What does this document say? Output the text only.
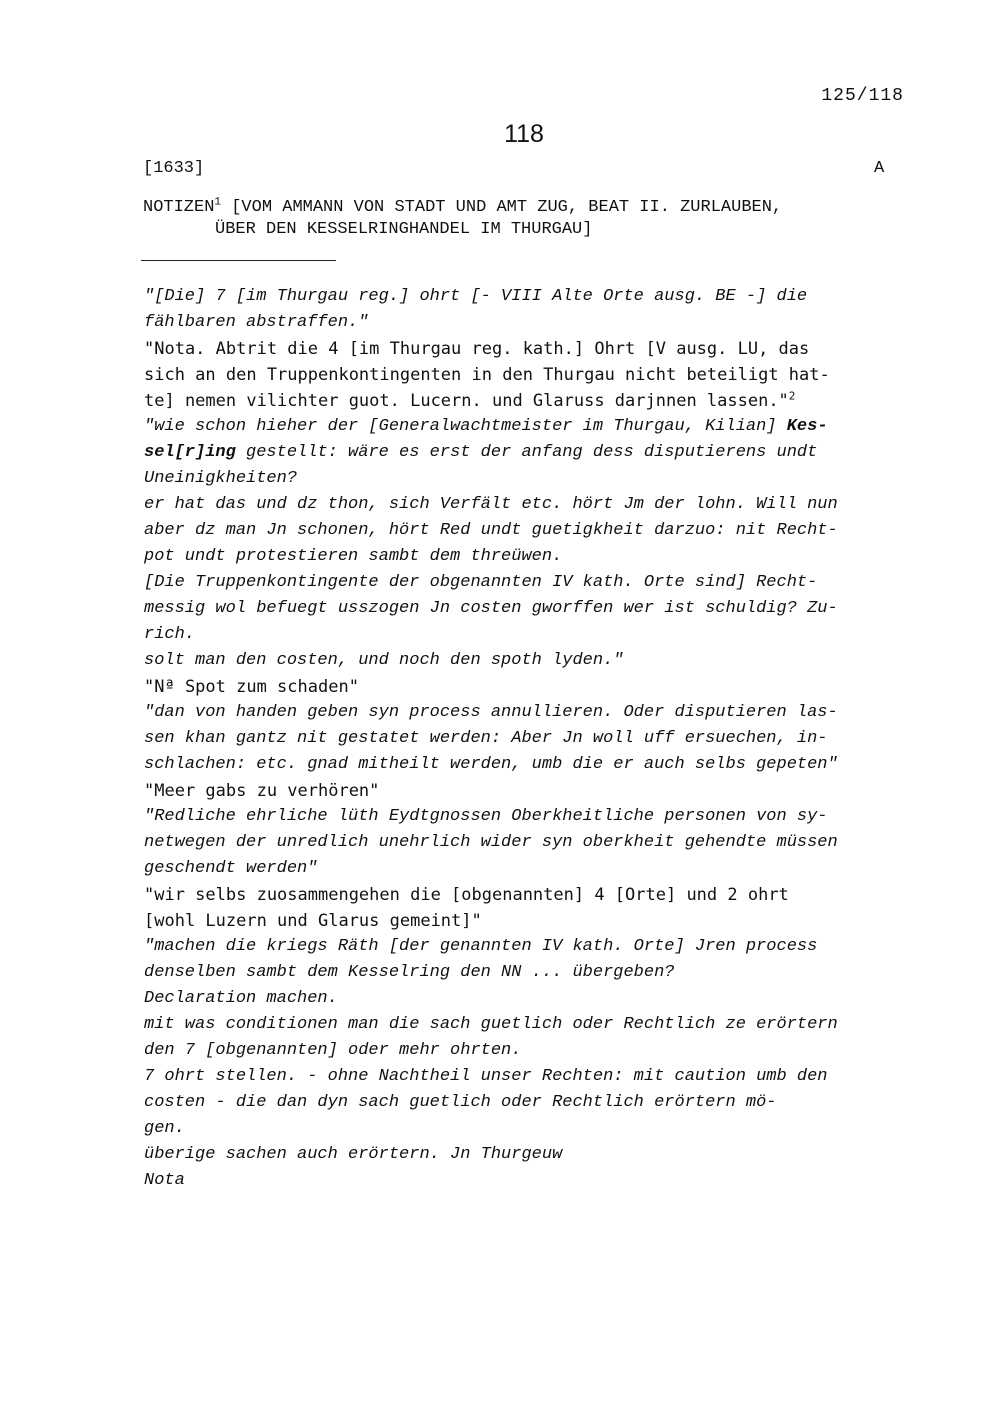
125/118
118
[1633]	A
NOTIZEN$^1$ [VOM AMMANN VON STADT UND AMT ZUG, BEAT II. ZURLAUBEN,
ÜBER DEN KESSELRINGHANDEL IM THURGAU]
"[Die] 7 [im Thurgau reg.] ohrt [- VIII Alte Orte ausg. BE -] die
fählbaren abstraffen."
"Nota. Abtrit die 4 [im Thurgau reg. kath.] Ohrt [V ausg. LU, das
sich an den Truppenkontingenten in den Thurgau nicht beteiligt hat-
te] nemen vilichter guot. Lucern. und Glaruss darjnnen lassen."$^2$
"wie schon hieher der [Generalwachtmeister im Thurgau, Kilian] Kes-
sel[r]ing gestellt: wäre es erst der anfang dess disputierens undt
Uneinigkheiten?
er hat das und dz thon, sich Verfält etc. hört Jm der lohn. Will nun
aber dz man Jn schonen, hört Red undt guetigkheit darzuo: nit Recht-
pot undt protestieren sambt dem threüwen.
[Die Truppenkontingente der obgenannten IV kath. Orte sind] Recht-
messig wol befuegt usszogen Jn costen gworffen wer ist schuldig? Zu-
rich.
solt man den costen, und noch den spoth lyden."
"Nª Spot zum schaden"
"dan von handen geben syn process annullieren. Oder disputieren las-
sen khan gantz nit gestatet werden: Aber Jn woll uff ersuechen, in-
schlachen: etc. gnad mitheilt werden, umb die er auch selbs gepeten"
"Meer gabs zu verhören"
"Redliche ehrliche lüth Eydtgnossen Oberkheitliche personen von sy-
netwegen der unredlich unehrlich wider syn oberkheit gehendte müssen
geschendt werden"
"wir selbs zuosammengehen die [obgenannten] 4 [Orte] und 2 ohrt
[wohl Luzern und Glarus gemeint]"
"machen die kriegs Räth [der genannten IV kath. Orte] Jren process
denselben sambt dem Kesselring den NN ... übergeben?
Declaration machen.
mit was conditionen man die sach guetlich oder Rechtlich ze erörtern
den 7 [obgenannten] oder mehr ohrten.
7 ohrt stellen. - ohne Nachtheil unser Rechten: mit caution umb den
costen - die dan dyn sach guetlich oder Rechtlich erörtern mö-
gen.
überige sachen auch erörtern. Jn Thurgeuw
Nota
